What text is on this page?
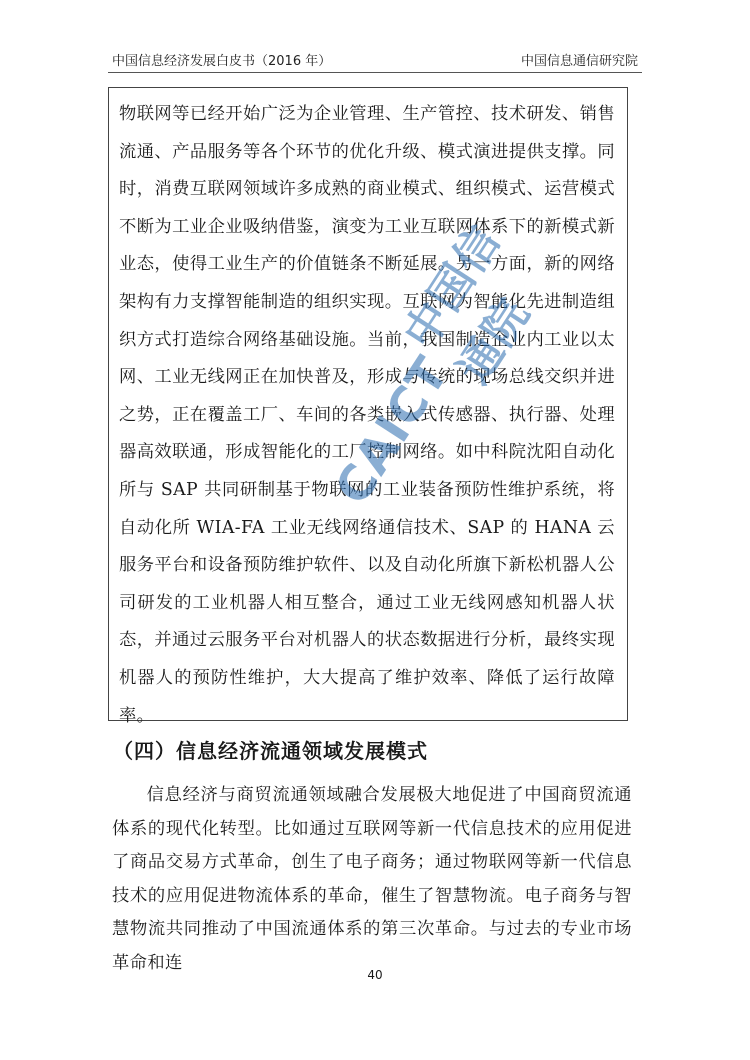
中国信息经济发展白皮书（2016 年）	中国信息通信研究院

物联网等已经开始广泛为企业管理、生产管控、技术研发、销售流通、产品服务等各个环节的优化升级、模式演进提供支撑。同时，消费互联网领域许多成熟的商业模式、组织模式、运营模式不断为工业企业吸纳借鉴，演变为工业互联网体系下的新模式新业态，使得工业生产的价值链条不断延展。另一方面，新的网络架构有力支撑智能制造的组织实现。互联网为智能化先进制造组织方式打造综合网络基础设施。当前，我国制造企业内工业以太网、工业无线网正在加快普及，形成与传统的现场总线交织并进之势，正在覆盖工厂、车间的各类嵌入式传感器、执行器、处理器高效联通，形成智能化的工厂控制网络。如中科院沈阳自动化所与 SAP 共同研制基于物联网的工业装备预防性维护系统，将自动化所 WIA-FA 工业无线网络通信技术、SAP 的 HANA 云服务平台和设备预防维护软件、以及自动化所旗下新松机器人公司研发的工业机器人相互整合，通过工业无线网感知机器人状态，并通过云服务平台对机器人的状态数据进行分析，最终实现机器人的预防性维护，大大提高了维护效率、降低了运行故障率。

CAICT
中国信通院
（四）信息经济流通领域发展模式

信息经济与商贸流通领域融合发展极大地促进了中国商贸流通体系的现代化转型。比如通过互联网等新一代信息技术的应用促进了商品交易方式革命，创生了电子商务；通过物联网等新一代信息技术的应用促进物流体系的革命，催生了智慧物流。电子商务与智慧物流共同推动了中国流通体系的第三次革命。与过去的专业市场革命和连

40
